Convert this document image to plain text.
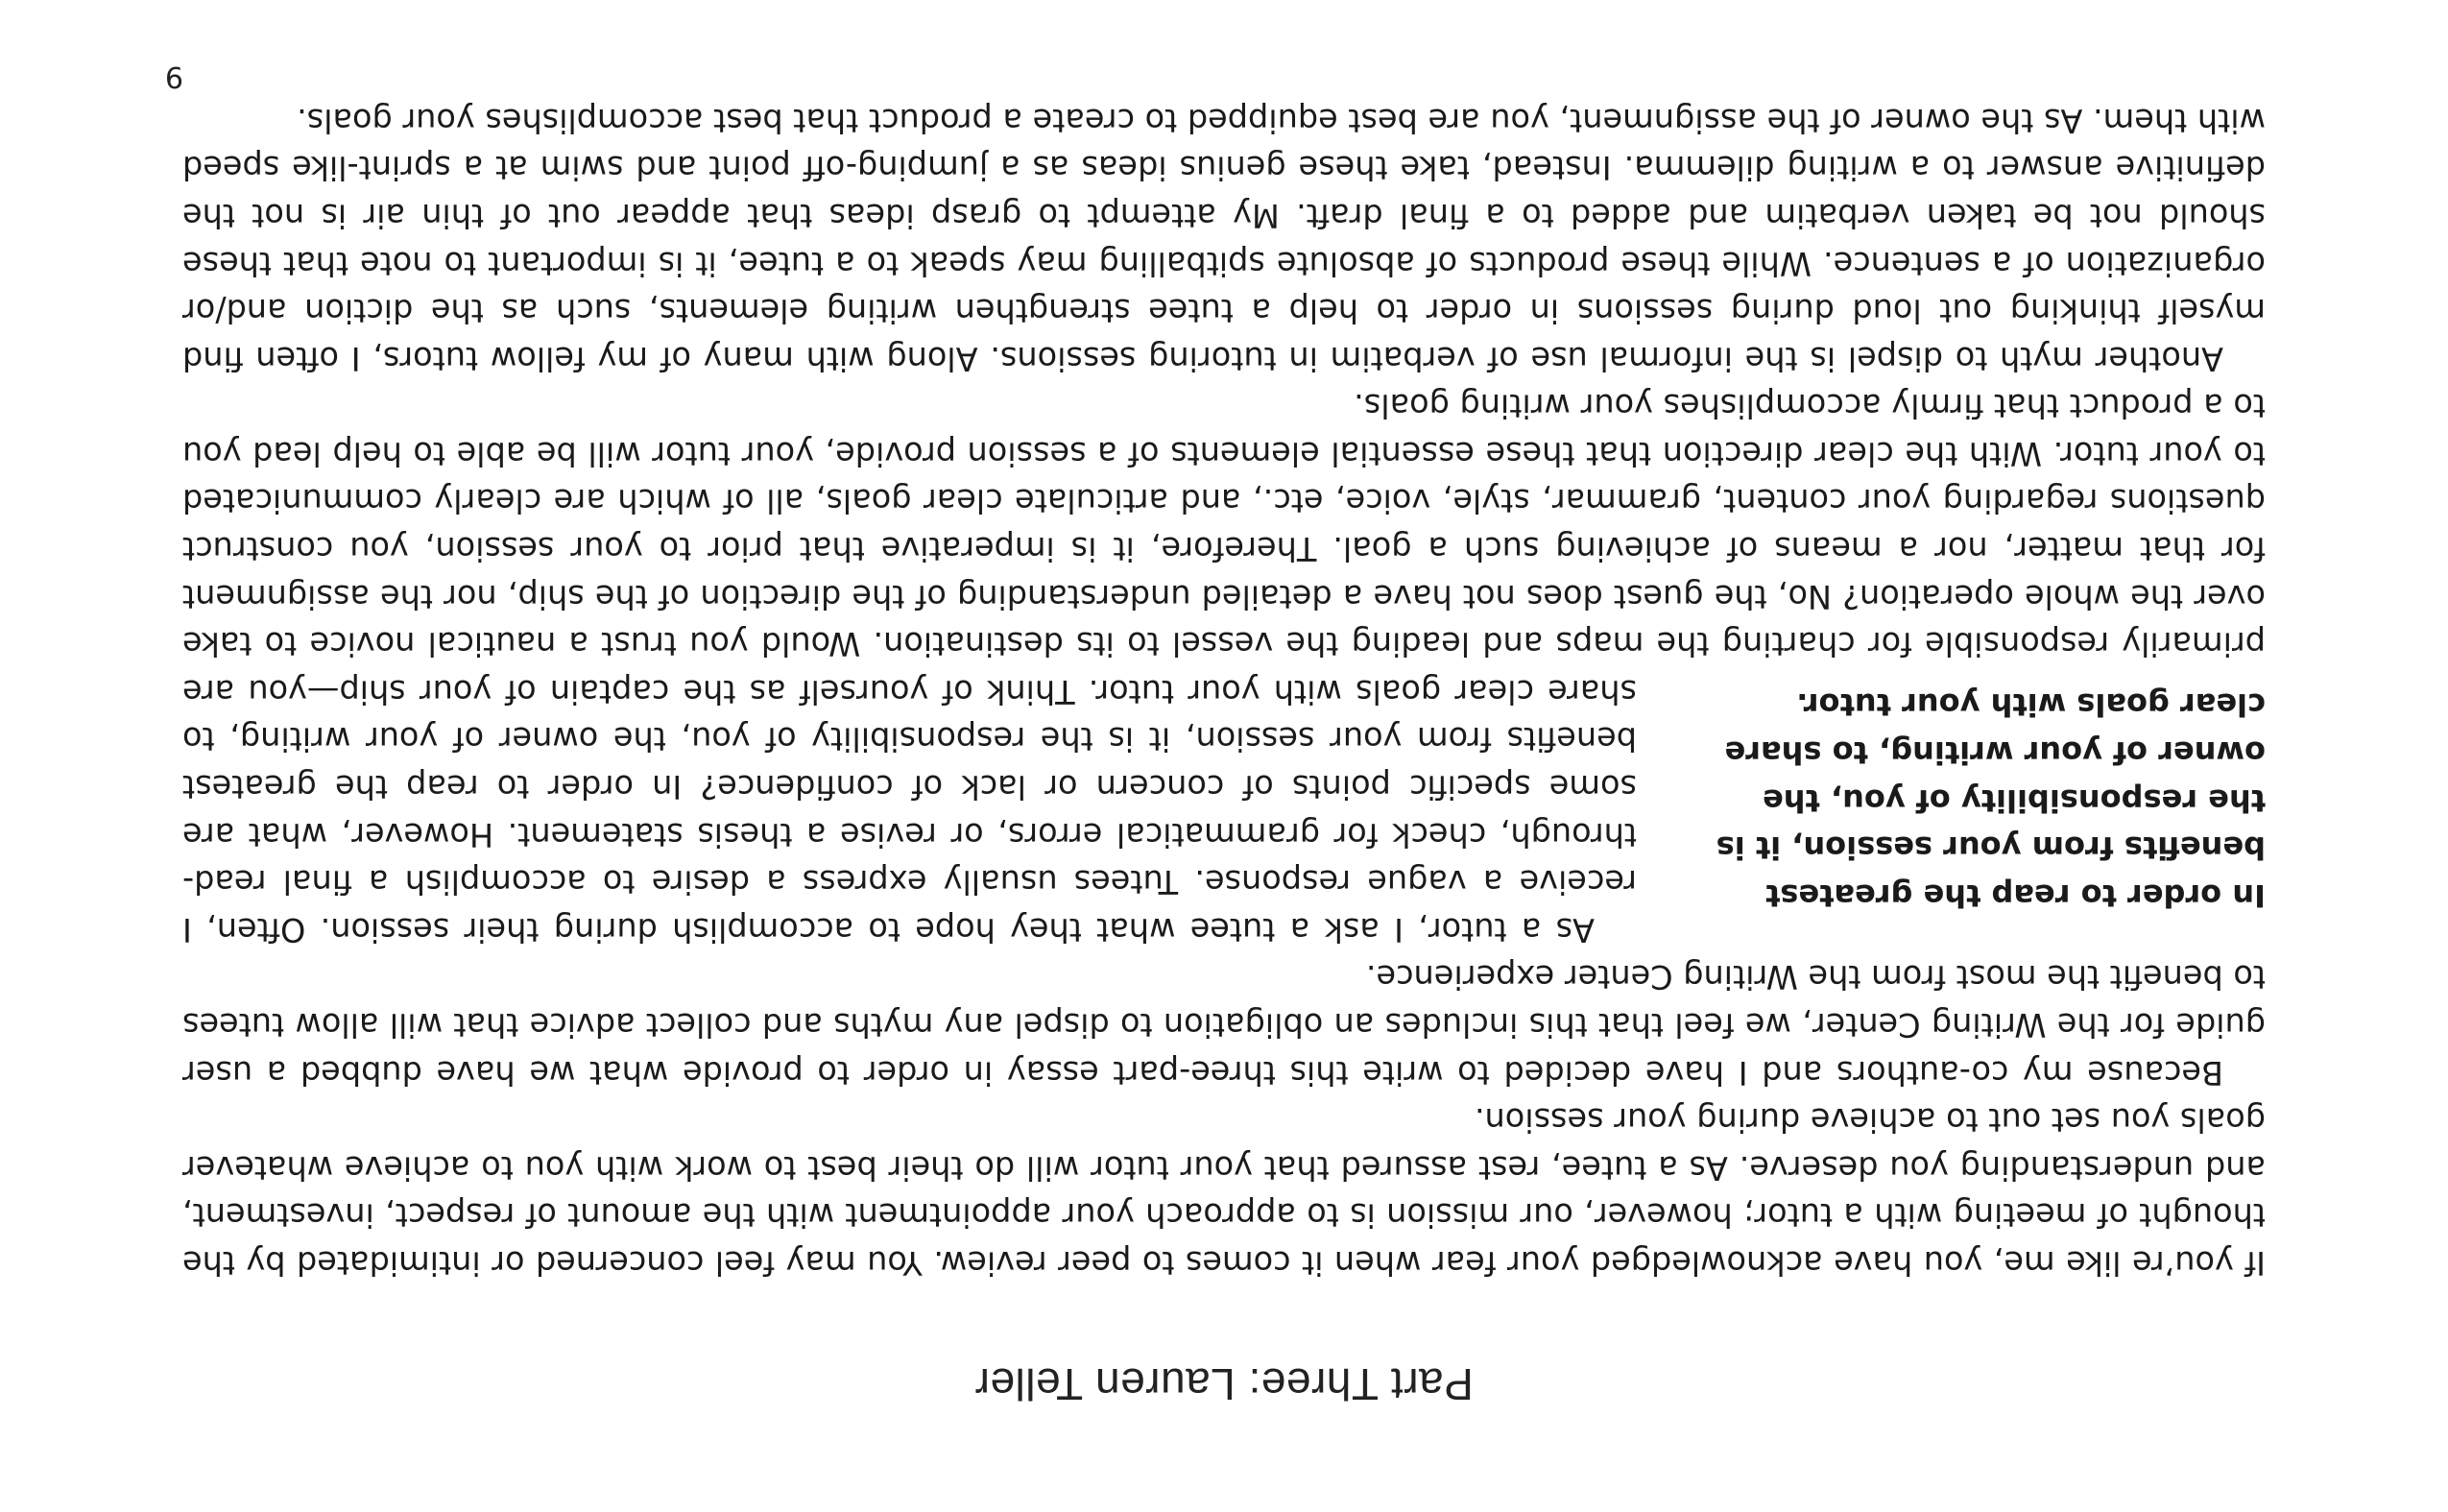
Part Three: Lauren Teller

If you’re like me, you have acknowledged your fear when it comes to peer review. You may feel concerned or intimidated by the thought of meeting with a tutor; however, our mission is to approach your appointment with the amount of respect, investment, and understanding you deserve. As a tutee, rest assured that your tutor will do their best to work with you to achieve whatever goals you set out to achieve during your session.

Because my co-authors and I have decided to write this three-part essay in order to provide what we have dubbed a user guide for the Writing Center, we feel that this includes an obligation to dispel any myths and collect advice that will allow tutees to benefit the most from the Writing Center experience.

In order to reap the greatest benefits from your session, it is the responsibility of you, the owner of your writing, to share clear goals with your tutor.

As a tutor, I ask a tutee what they hope to accomplish during their session. Often, I receive a vague response. Tutees usually express a desire to accomplish a final read-through, check for grammatical errors, or revise a thesis statement. However, what are some specific points of concern or lack of confidence? In order to reap the greatest benefits from your session, it is the responsibility of you, the owner of your writing, to share clear goals with your tutor. Think of yourself as the captain of your ship—you are primarily responsible for charting the maps and leading the vessel to its destination. Would you trust a nautical novice to take over the whole operation? No, the guest does not have a detailed understanding of the direction of the ship, nor the assignment for that matter, nor a means of achieving such a goal. Therefore, it is imperative that prior to your session, you construct questions regarding your content, grammar, style, voice, etc., and articulate clear goals, all of which are clearly communicated to your tutor. With the clear direction that these essential elements of a session provide, your tutor will be able to help lead you to a product that firmly accomplishes your writing goals.

Another myth to dispel is the informal use of verbatim in tutoring sessions. Along with many of my fellow tutors, I often find myself thinking out loud during sessions in order to help a tutee strengthen writing elements, such as the diction and/or organization of a sentence. While these products of absolute spitballing may speak to a tutee, it is important to note that these should not be taken verbatim and added to a final draft. My attempt to grasp ideas that appear out of thin air is not the definitive answer to a writing dilemma. Instead, take these genius ideas as a jumping-off point and swim at a sprint-like speed with them. As the owner of the assignment, you are best equipped to create a product that best accomplishes your goals.

9
